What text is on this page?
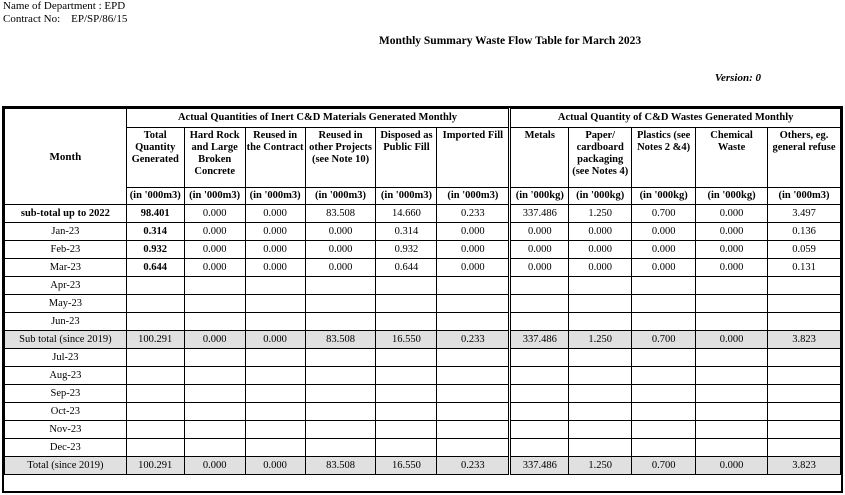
Name of Department : EPD
Contract No:    EP/SP/86/15
Monthly Summary Waste Flow Table for March 2023
Version: 0
Month	Actual Quantities of Inert C&D Materials Generated Monthly						Actual Quantity of C&D Wastes Generated Monthly				
	Total Quantity Generated	Hard Rock and Large Broken Concrete	Reused in the Contract	Reused in other Projects (see Note 10)	Disposed as Public Fill	Imported Fill	Metals	Paper/ cardboard packaging (see Notes 4)	Plastics (see Notes 2 &4)	Chemical Waste	Others, eg. general refuse
	(in '000m3)	(in '000m3)	(in '000m3)	(in '000m3)	(in '000m3)	(in '000m3)	(in '000kg)	(in '000kg)	(in '000kg)	(in '000kg)	(in '000m3)
sub-total up to 2022	98.401	0.000	0.000	83.508	14.660	0.233	337.486	1.250	0.700	0.000	3.497
Jan-23	0.314	0.000	0.000	0.000	0.314	0.000	0.000	0.000	0.000	0.000	0.136
Feb-23	0.932	0.000	0.000	0.000	0.932	0.000	0.000	0.000	0.000	0.000	0.059
Mar-23	0.644	0.000	0.000	0.000	0.644	0.000	0.000	0.000	0.000	0.000	0.131
Apr-23											
May-23											
Jun-23											
Sub total (since 2019)	100.291	0.000	0.000	83.508	16.550	0.233	337.486	1.250	0.700	0.000	3.823
Jul-23											
Aug-23											
Sep-23											
Oct-23											
Nov-23											
Dec-23											
Total (since 2019)	100.291	0.000	0.000	83.508	16.550	0.233	337.486	1.250	0.700	0.000	3.823
